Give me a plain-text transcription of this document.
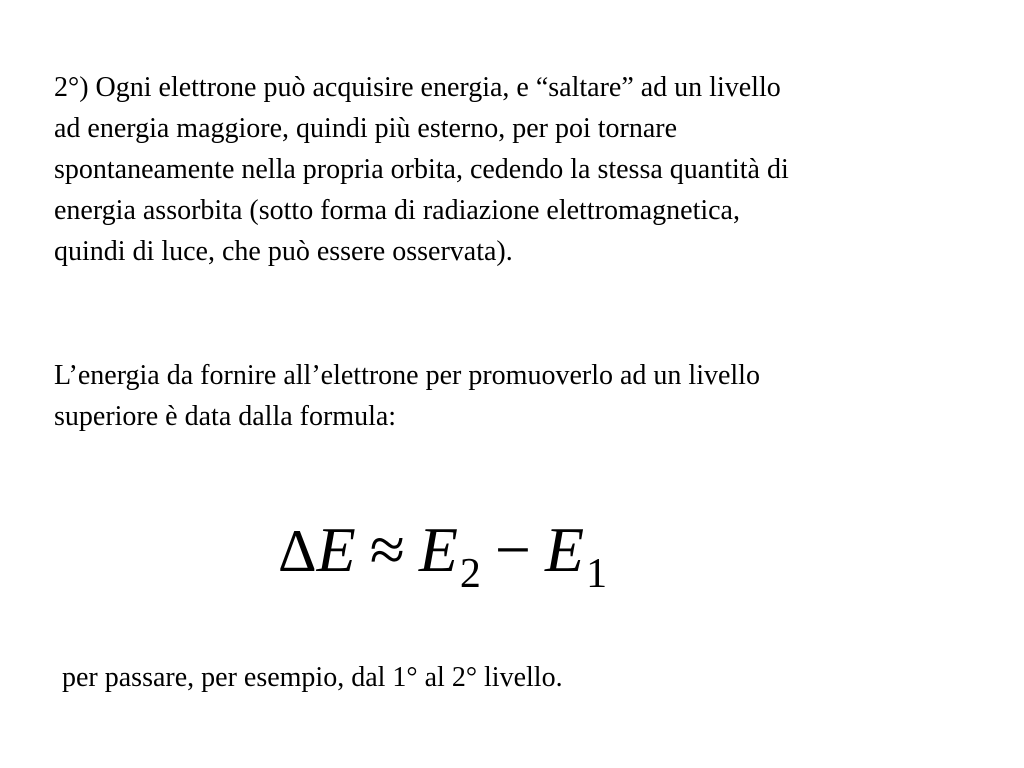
2°) Ogni elettrone può acquisire energia, e “saltare” ad un livello
ad energia maggiore, quindi più esterno, per poi tornare
spontaneamente nella propria orbita, cedendo la stessa quantità di
energia assorbita (sotto forma di radiazione elettromagnetica,
quindi di luce, che può essere osservata).

L’energia da fornire all’elettrone per promuoverlo ad un livello
superiore è data dalla formula:

ΔE ≈ E2 − E1

per passare, per esempio, dal 1° al 2° livello.
